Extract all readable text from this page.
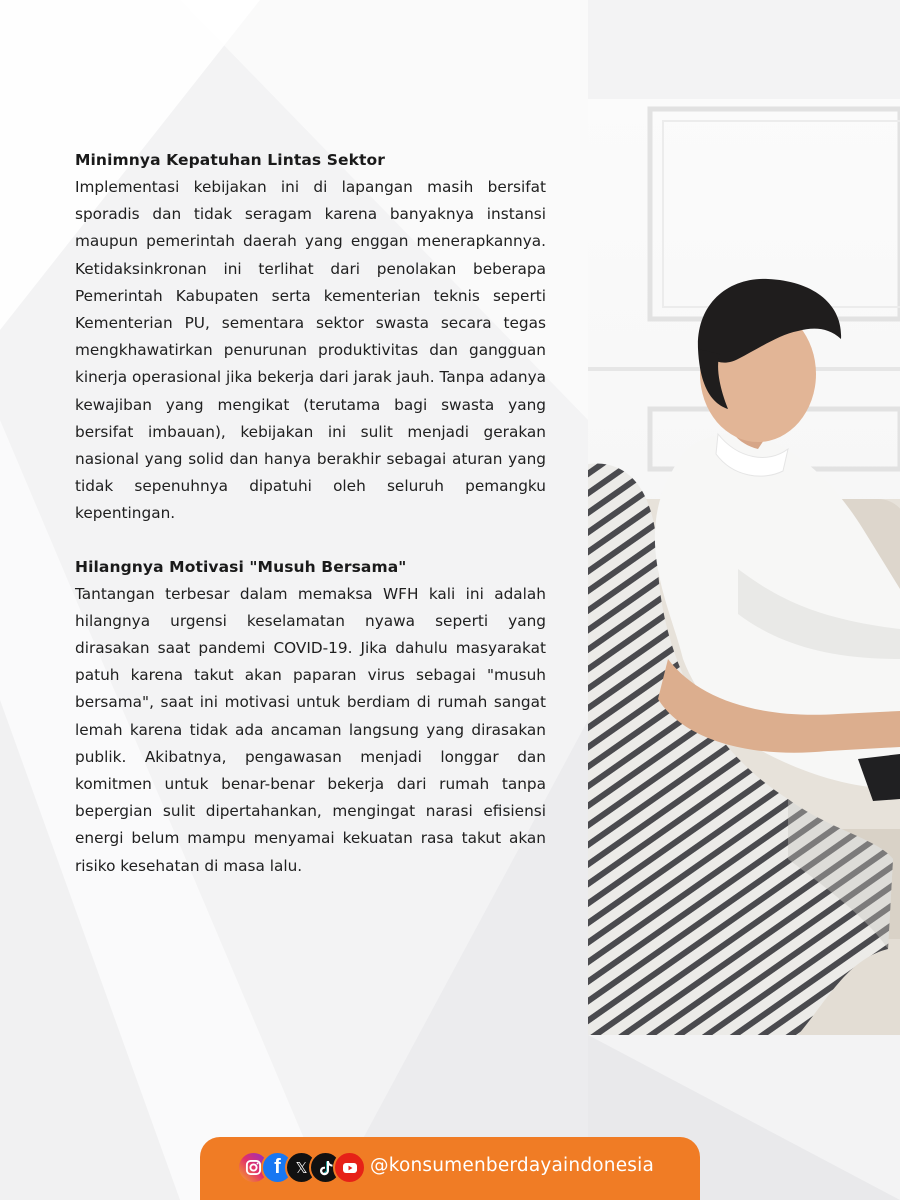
Minimnya Kepatuhan Lintas Sektor

Implementasi kebijakan ini di lapangan masih bersifat sporadis dan tidak seragam karena banyaknya instansi maupun pemerintah daerah yang enggan menerapkannya. Ketidaksinkronan ini terlihat dari penolakan beberapa Pemerintah Kabupaten serta kementerian teknis seperti Kementerian PU, sementara sektor swasta secara tegas mengkhawatirkan penurunan produktivitas dan gangguan kinerja operasional jika bekerja dari jarak jauh. Tanpa adanya kewajiban yang mengikat (terutama bagi swasta yang bersifat imbauan), kebijakan ini sulit menjadi gerakan nasional yang solid dan hanya berakhir sebagai aturan yang tidak sepenuhnya dipatuhi oleh seluruh pemangku kepentingan.

Hilangnya Motivasi "Musuh Bersama"

Tantangan terbesar dalam memaksa WFH kali ini adalah hilangnya urgensi keselamatan nyawa seperti yang dirasakan saat pandemi COVID-19. Jika dahulu masyarakat patuh karena takut akan paparan virus sebagai "musuh bersama", saat ini motivasi untuk berdiam di rumah sangat lemah karena tidak ada ancaman langsung yang dirasakan publik. Akibatnya, pengawasan menjadi longgar dan komitmen untuk benar-benar bekerja dari rumah tanpa bepergian sulit dipertahankan, mengingat narasi efisiensi energi belum mampu menyamai kekuatan rasa takut akan risiko kesehatan di masa lalu.

f 𝕏	@konsumenberdayaindonesia
